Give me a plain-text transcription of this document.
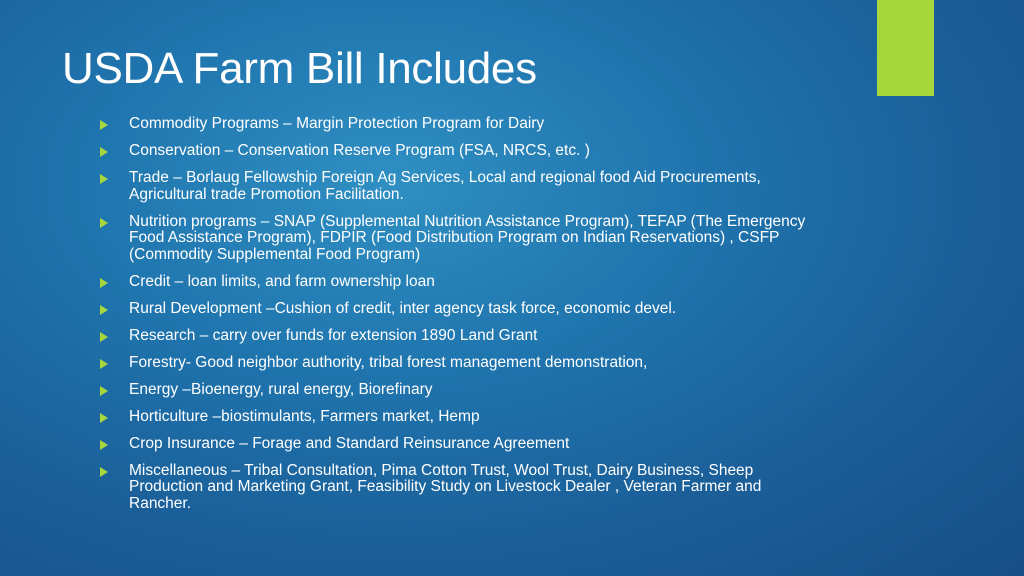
USDA Farm Bill Includes
Commodity Programs – Margin Protection Program for Dairy
Conservation – Conservation Reserve Program (FSA, NRCS, etc. )
Trade – Borlaug Fellowship Foreign Ag Services, Local and regional food Aid Procurements, Agricultural trade Promotion Facilitation.
Nutrition programs – SNAP (Supplemental Nutrition Assistance Program), TEFAP (The Emergency Food Assistance Program), FDPIR (Food Distribution Program on Indian Reservations) , CSFP (Commodity Supplemental Food Program)
Credit – loan limits, and farm ownership loan
Rural Development –Cushion of credit, inter agency task force, economic devel.
Research – carry over funds for extension 1890 Land Grant
Forestry- Good neighbor authority, tribal forest management demonstration,
Energy –Bioenergy, rural energy, Biorefinary
Horticulture –biostimulants, Farmers market, Hemp
Crop Insurance – Forage and Standard Reinsurance Agreement
Miscellaneous – Tribal Consultation, Pima Cotton Trust, Wool Trust, Dairy Business, Sheep Production and Marketing Grant, Feasibility Study on Livestock Dealer , Veteran Farmer and Rancher.
